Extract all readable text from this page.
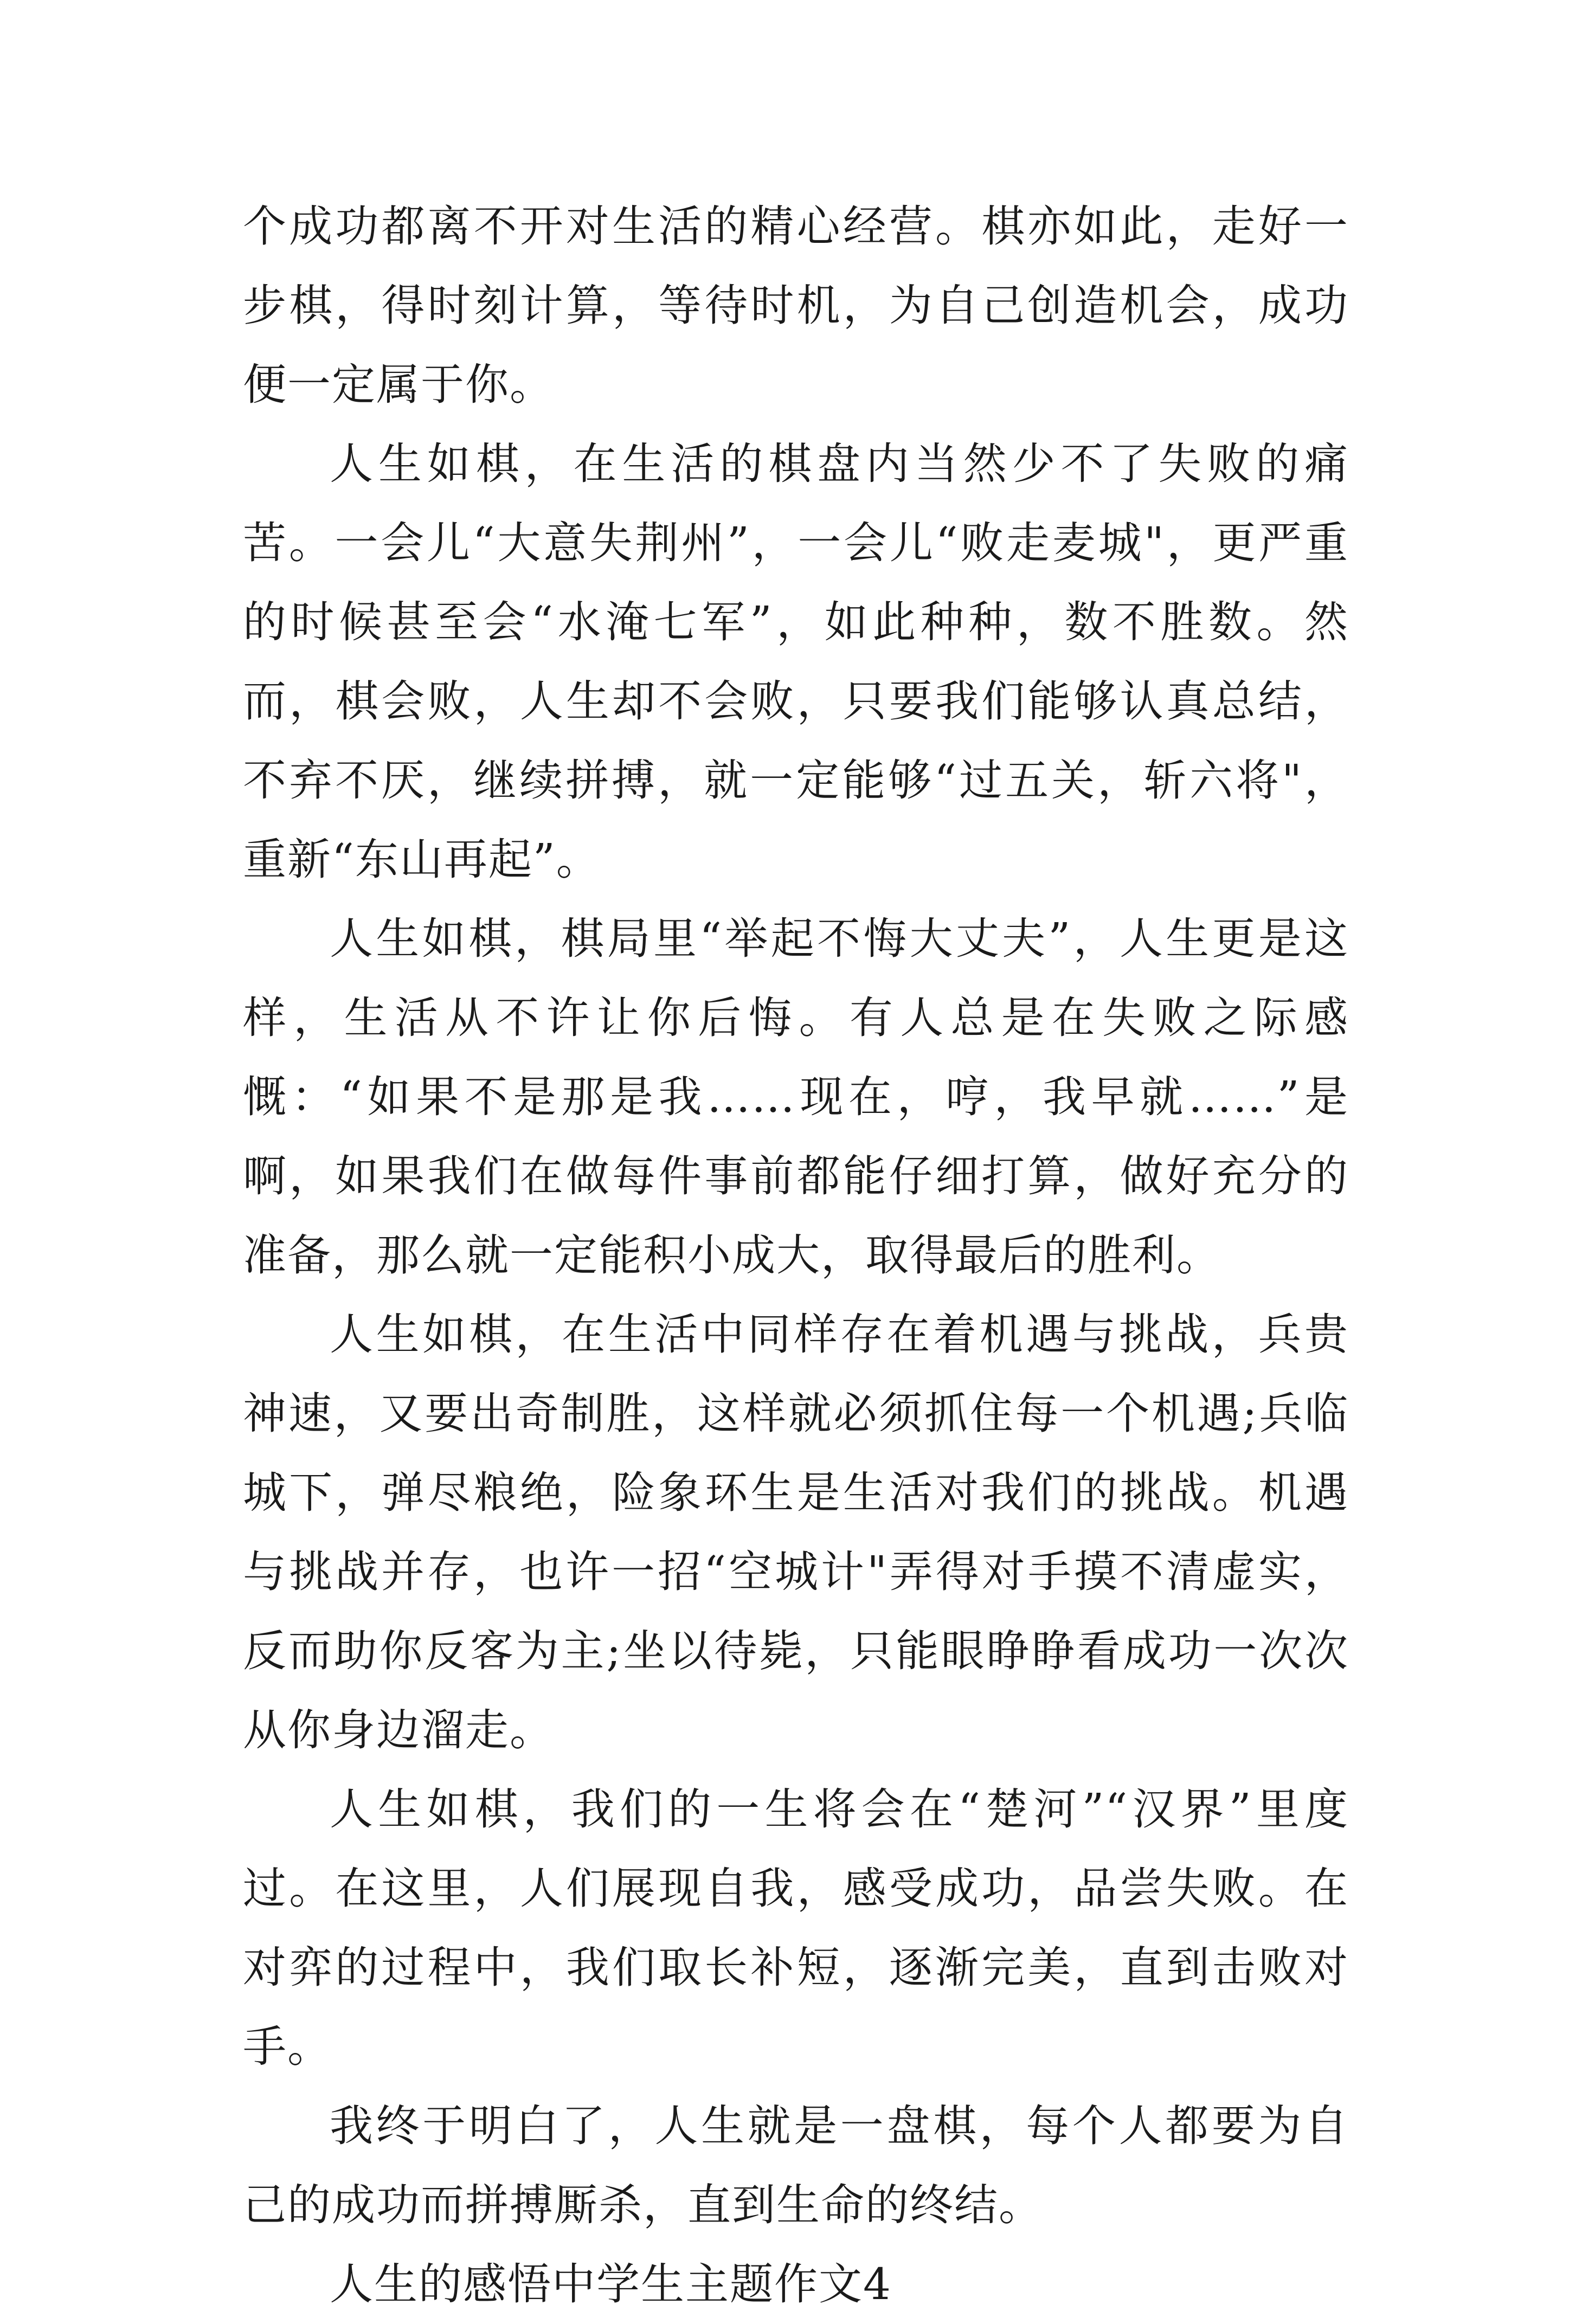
个成功都离不开对生活的精心经营。棋亦如此，走好一步棋，得时刻计算，等待时机，为自己创造机会，成功便一定属于你。

人生如棋，在生活的棋盘内当然少不了失败的痛苦。一会儿“大意失荆州”，一会儿“败走麦城"，更严重的时候甚至会“水淹七军”，如此种种，数不胜数。然而，棋会败，人生却不会败，只要我们能够认真总结，不弃不厌，继续拼搏，就一定能够“过五关，斩六将"，重新“东山再起”。

人生如棋，棋局里“举起不悔大丈夫”，人生更是这样，生活从不许让你后悔。有人总是在失败之际感慨：“如果不是那是我……现在，哼，我早就……”是啊，如果我们在做每件事前都能仔细打算，做好充分的准备，那么就一定能积小成大，取得最后的胜利。

人生如棋，在生活中同样存在着机遇与挑战，兵贵神速，又要出奇制胜，这样就必须抓住每一个机遇;兵临城下，弹尽粮绝，险象环生是生活对我们的挑战。机遇与挑战并存，也许一招“空城计"弄得对手摸不清虚实，反而助你反客为主;坐以待毙，只能眼睁睁看成功一次次从你身边溜走。

人生如棋，我们的一生将会在“楚河”“汉界”里度过。在这里，人们展现自我，感受成功，品尝失败。在对弈的过程中，我们取长补短，逐渐完美，直到击败对手。

我终于明白了，人生就是一盘棋，每个人都要为自己的成功而拼搏厮杀，直到生命的终结。

人生的感悟中学生主题作文4
